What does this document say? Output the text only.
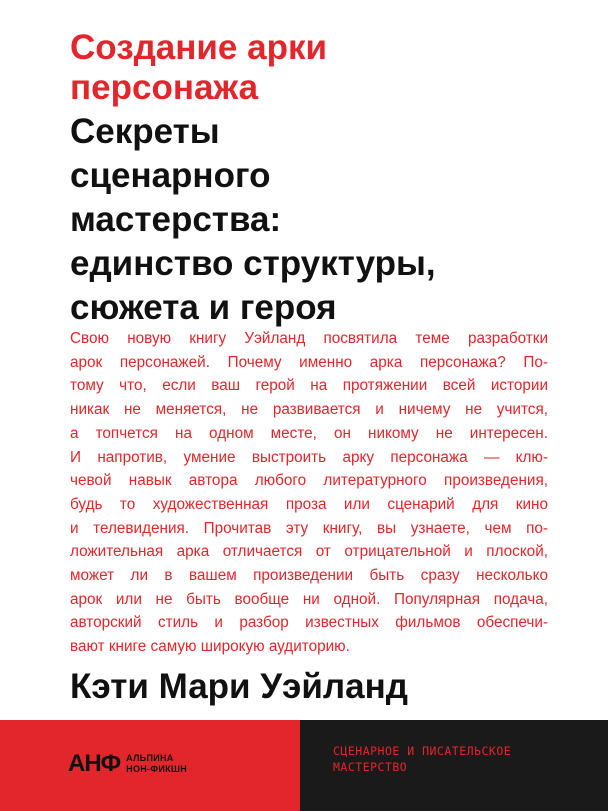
Создание арки
персонажа
Секреты
сценарного
мастерства:
единство структуры,
сюжета и героя
Свою новую книгу Уэйланд посвятила теме разработки
арок персонажей. Почему именно арка персонажа? По-
тому что, если ваш герой на протяжении всей истории
никак не меняется, не развивается и ничему не учится,
а топчется на одном месте, он никому не интересен.
И напротив, умение выстроить арку персонажа — клю-
чевой навык автора любого литературного произведения,
будь то художественная проза или сценарий для кино
и телевидения. Прочитав эту книгу, вы узнаете, чем по-
ложительная арка отличается от отрицательной и плоской,
может ли в вашем произведении быть сразу несколько
арок или не быть вообще ни одной. Популярная подача,
авторский стиль и разбор известных фильмов обеспечи-
вают книге самую широкую аудиторию.
Кэти Мари Уэйланд
АНФ АЛЬПИНА
НОН-ФИКШН
СЦЕНАРНОЕ И ПИСАТЕЛЬСКОЕ
МАСТЕРСТВО
